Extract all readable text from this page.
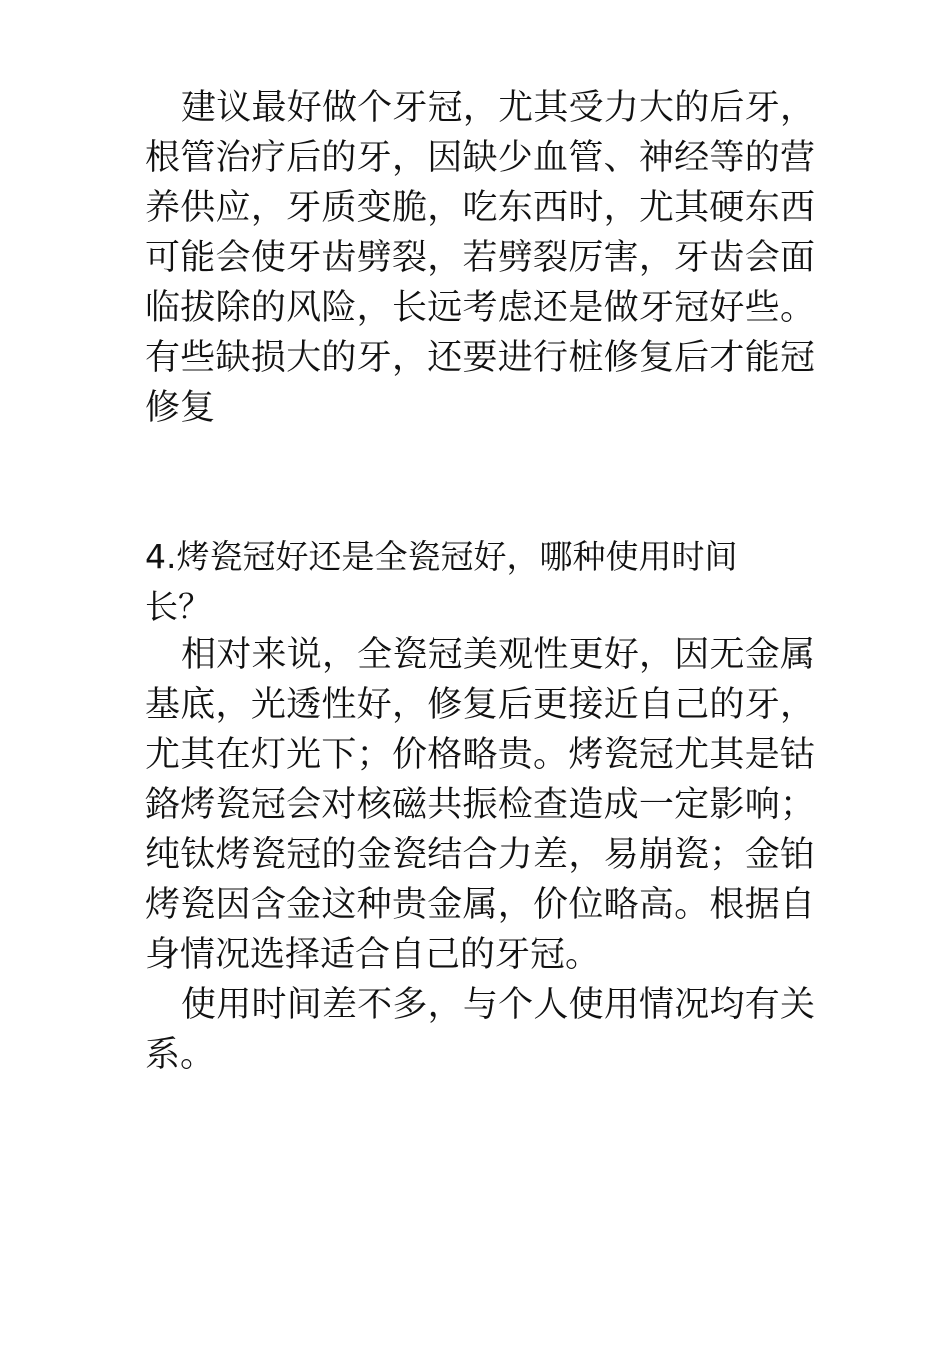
建议最好做个牙冠，尤其受力大的后牙，根管治疗后的牙，因缺少血管、神经等的营养供应，牙质变脆，吃东西时，尤其硬东西可能会使牙齿劈裂，若劈裂厉害，牙齿会面临拔除的风险，长远考虑还是做牙冠好些。有些缺损大的牙，还要进行桩修复后才能冠修复

4.烤瓷冠好还是全瓷冠好，哪种使用时间长？

相对来说，全瓷冠美观性更好，因无金属基底，光透性好，修复后更接近自己的牙，尤其在灯光下；价格略贵。烤瓷冠尤其是钴鉻烤瓷冠会对核磁共振检查造成一定影响；纯钛烤瓷冠的金瓷结合力差，易崩瓷；金铂烤瓷因含金这种贵金属，价位略高。根据自身情况选择适合自己的牙冠。

使用时间差不多，与个人使用情况均有关系。
